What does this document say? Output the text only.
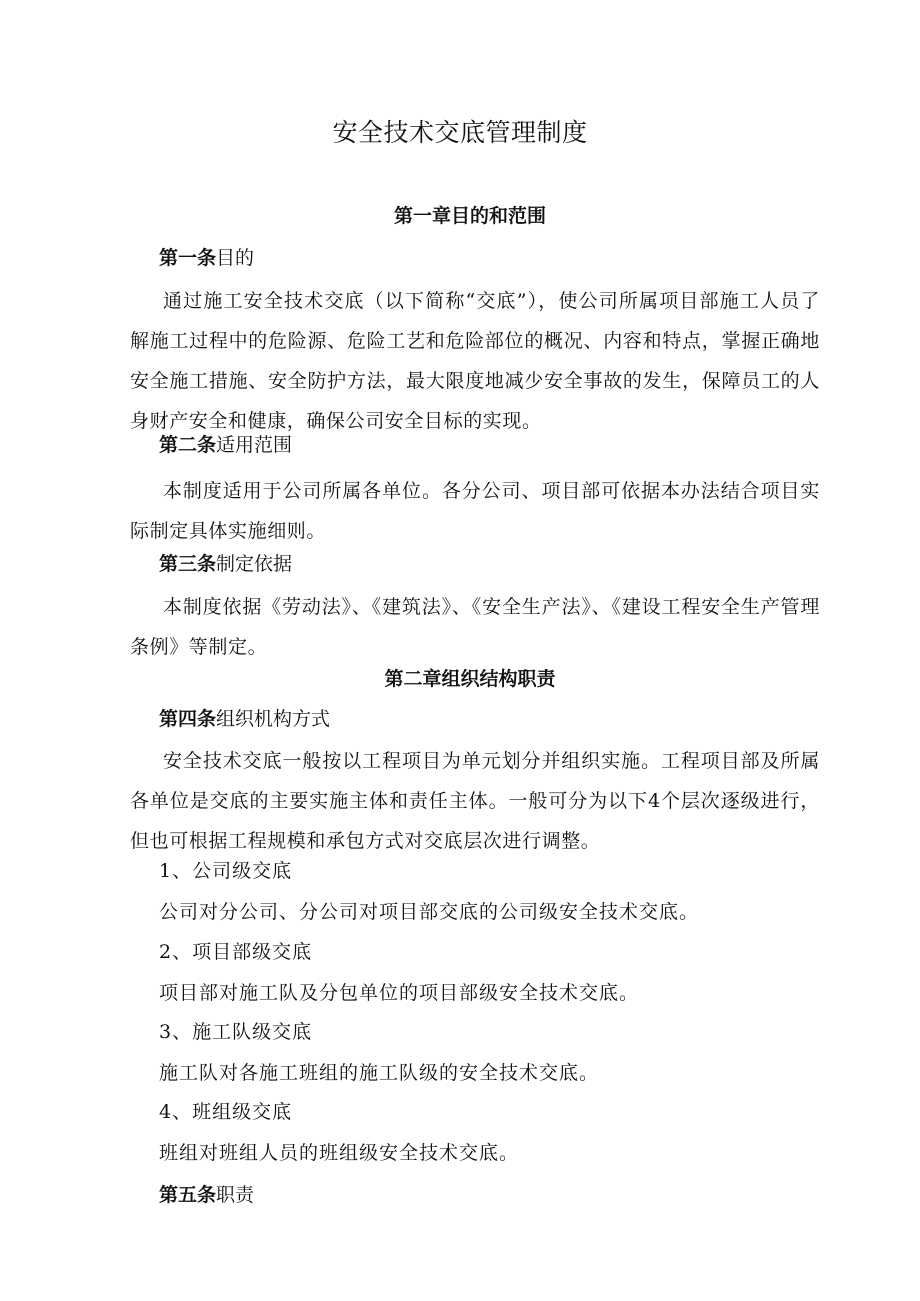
安全技术交底管理制度
第一章目的和范围

第一条目的

通过施工安全技术交底（以下简称“交底”），使公司所属项目部施工人员了解施工过程中的危险源、危险工艺和危险部位的概况、内容和特点，掌握正确地安全施工措施、安全防护方法，最大限度地减少安全事故的发生，保障员工的人身财产安全和健康，确保公司安全目标的实现。

第二条适用范围

本制度适用于公司所属各单位。各分公司、项目部可依据本办法结合项目实际制定具体实施细则。

第三条制定依据

本制度依据《劳动法》、《建筑法》、《安全生产法》、《建设工程安全生产管理条例》等制定。

第二章组织结构职责

第四条组织机构方式

安全技术交底一般按以工程项目为单元划分并组织实施。工程项目部及所属各单位是交底的主要实施主体和责任主体。一般可分为以下4个层次逐级进行，但也可根据工程规模和承包方式对交底层次进行调整。

1、公司级交底

公司对分公司、分公司对项目部交底的公司级安全技术交底。

2、项目部级交底

项目部对施工队及分包单位的项目部级安全技术交底。

3、施工队级交底

施工队对各施工班组的施工队级的安全技术交底。

4、班组级交底

班组对班组人员的班组级安全技术交底。

第五条职责
